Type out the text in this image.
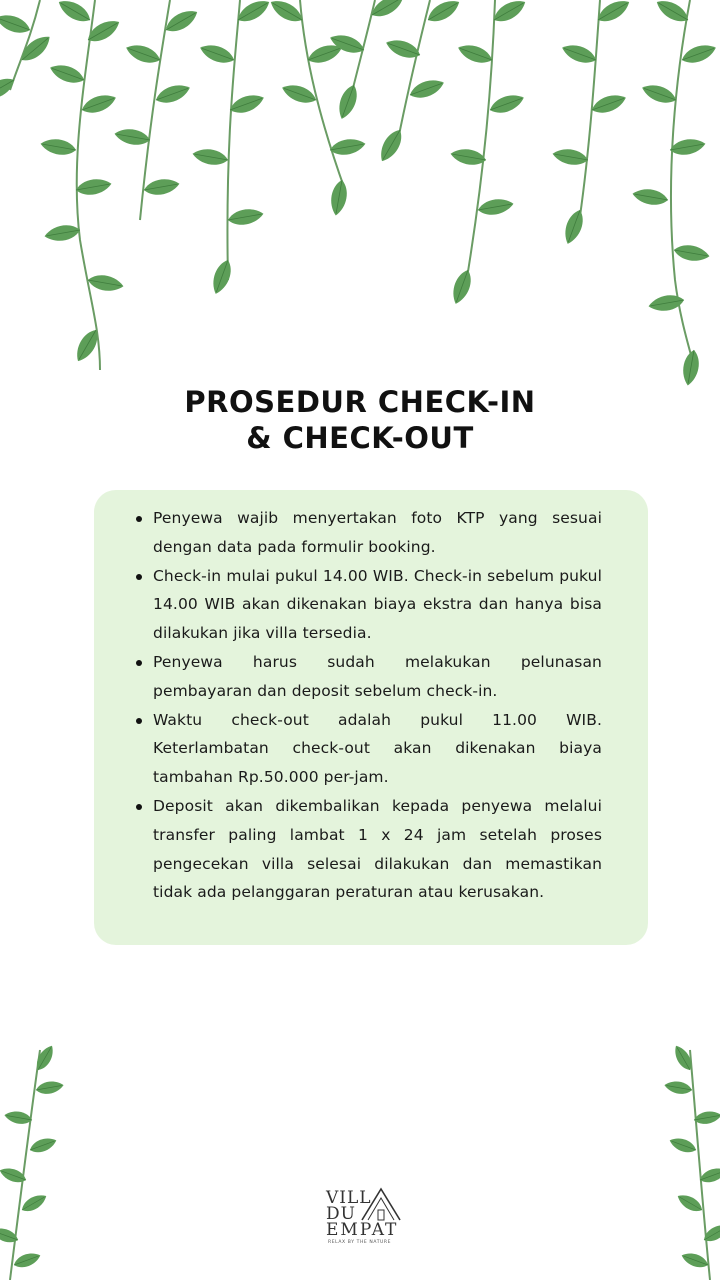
PROSEDUR CHECK-IN
& CHECK-OUT
Penyewa wajib menyertakan foto KTP yang sesuai dengan data pada formulir booking.
Check-in mulai pukul 14.00 WIB. Check-in sebelum pukul 14.00 WIB akan dikenakan biaya ekstra dan hanya bisa dilakukan jika villa tersedia.
Penyewa harus sudah melakukan pelunasan pembayaran dan deposit sebelum check-in.
Waktu check-out adalah pukul 11.00 WIB. Keterlambatan check-out akan dikenakan biaya tambahan Rp.50.000 per-jam.
Deposit akan dikembalikan kepada penyewa melalui transfer paling lambat 1 x 24 jam setelah proses pengecekan villa selesai dilakukan dan memastikan tidak ada pelanggaran peraturan atau kerusakan.
VILL
DU
EMPAT
RELAX BY THE NATURE
